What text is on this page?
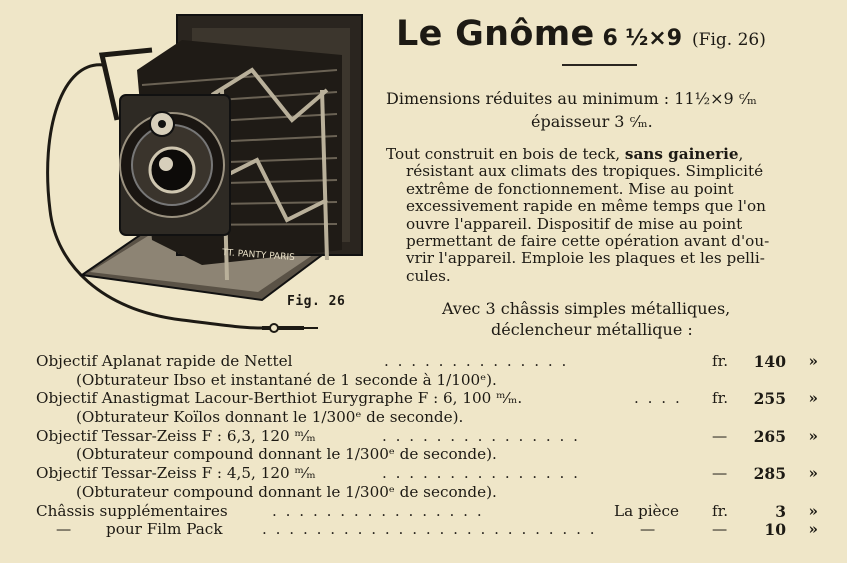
TT. PANTY PARIS
Fig. 26
Le Gnôme 6 ½×9 (Fig. 26)
Dimensions réduites au minimum : 11½×9 ᶜ⁄ₘ
épaisseur 3 ᶜ⁄ₘ.
Tout construit en bois de teck, sans gainerie,
résistant aux climats des tropiques. Simplicité
extrême de fonctionnement. Mise au point
excessivement rapide en même temps que l'on
ouvre l'appareil. Dispositif de mise au point
permettant de faire cette opération avant d'ou-
vrir l'appareil. Emploie les plaques et les pelli-
cules.
Avec 3 châssis simples métalliques,
déclencheur métallique :
Objectif Aplanat rapide de Nettel	. . . . . . . . . . . . . .	fr. 140 »
(Obturateur Ibso et instantané de 1 seconde à 1/100ᵉ).
Objectif Anastigmat Lacour-Berthiot Eurygraphe F : 6, 100 ᵐ⁄ₘ.	. . . . fr. 255 »
(Obturateur Koïlos donnant le 1/300ᵉ de seconde).
Objectif Tessar-Zeiss F : 6,3, 120 ᵐ⁄ₘ	. . . . . . . . . . . . . . .	— 265 »
(Obturateur compound donnant le 1/300ᵉ de seconde).
Objectif Tessar-Zeiss F : 4,5, 120 ᵐ⁄ₘ	. . . . . . . . . . . . . . .	— 285 »
(Obturateur compound donnant le 1/300ᵉ de seconde).
Châssis supplémentaires	. . . . . . . . . . . . . . . .	La pièce fr.	3 »
— pour Film Pack	. . . . . . . . . . . . . . . . . . . . . . . . .	—	— 10 »
